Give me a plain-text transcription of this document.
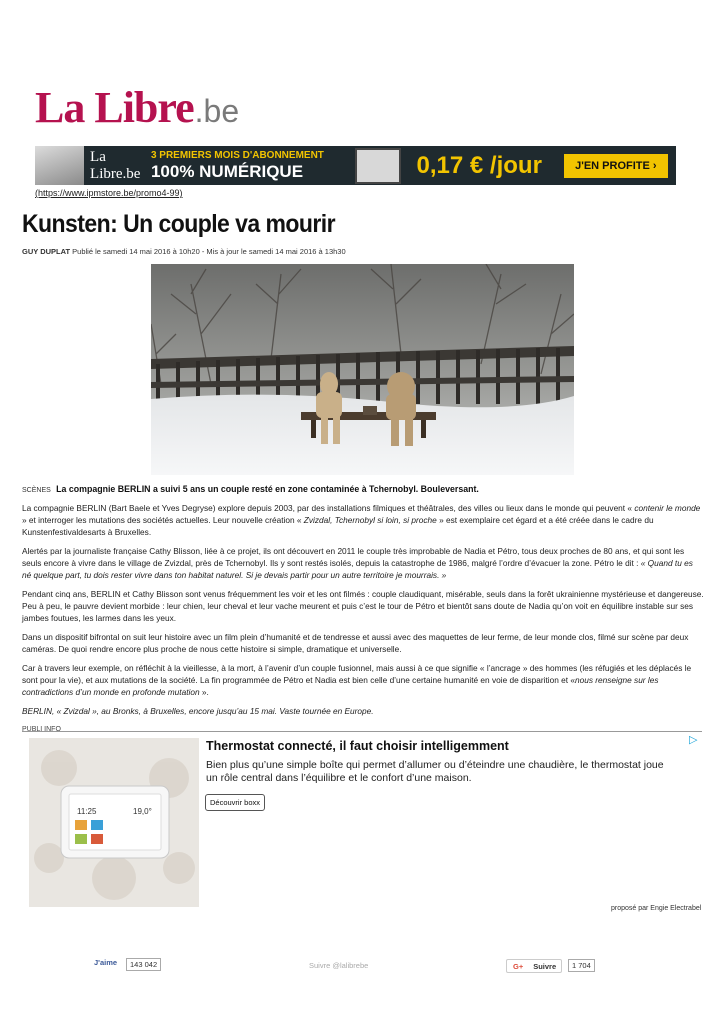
La Libre .be
La Libre.be
3 PREMIERS MOIS D'ABONNEMENT
100% NUMÉRIQUE	0,17 € /jour	J'EN PROFITE ›
(https://www.ipmstore.be/promo4-99)
Kunsten: Un couple va mourir
GUY DUPLAT Publié le samedi 14 mai 2016 à 10h20 - Mis à jour le samedi 14 mai 2016 à 13h30
SCÈNES La compagnie BERLIN a suivi 5 ans un couple resté en zone contaminée à Tchernobyl. Bouleversant.

La compagnie BERLIN (Bart Baele et Yves Degryse) explore depuis 2003, par des installations filmiques et théâtrales, des villes ou lieux dans le monde qui peuvent « contenir le monde » et interroger les mutations des sociétés actuelles. Leur nouvelle création « Zvizdal, Tchernobyl si loin, si proche » est exemplaire cet égard et a été créée dans le cadre du Kunstenfestivaldesarts à Bruxelles.

Alertés par la journaliste française Cathy Blisson, liée à ce projet, ils ont découvert en 2011 le couple très improbable de Nadia et Pétro, tous deux proches de 80 ans, et qui sont les seuls encore à vivre dans le village de Zvizdal, près de Tchernobyl. Ils y sont restés isolés, depuis la catastrophe de 1986, malgré l’ordre d’évacuer la zone. Pétro le dit : « Quand tu es né quelque part, tu dois rester vivre dans ton habitat naturel. Si je devais partir pour un autre territoire je mourrais. »

Pendant cinq ans, BERLIN et Cathy Blisson sont venus fréquemment les voir et les ont filmés : couple claudiquant, misérable, seuls dans la forêt ukrainienne mystérieuse et dangereuse. Peu à peu, le pauvre devient morbide : leur chien, leur cheval et leur vache meurent et puis c’est le tour de Pétro et bientôt sans doute de Nadia qu’on voit en équilibre instable sur ses jambes foutues, les larmes dans les yeux.

Dans un dispositif bifrontal on suit leur histoire avec un film plein d’humanité et de tendresse et aussi avec des maquettes de leur ferme, de leur monde clos, filmé sur scène par deux caméras. De quoi rendre encore plus proche de nous cette histoire si simple, dramatique et universelle.

Car à travers leur exemple, on réfléchit à la vieillesse, à la mort, à l’avenir d’un couple fusionnel, mais aussi à ce que signifie « l’ancrage » des hommes (les réfugiés et les déplacés le sont pour la vie), et aux mutations de la société. La fin programmée de Pétro et Nadia est bien celle d’une certaine humanité en voie de disparition et «nous renseigne sur les contradictions d’un monde en profonde mutation ».

BERLIN, « Zvizdal », au Bronks, à Bruxelles, encore jusqu’au 15 mai. Vaste tournée en Europe.

PUBLI INFO
▷
11:25	19,0°
Thermostat connecté, il faut choisir intelligemment
Bien plus qu’une simple boîte qui permet d’allumer ou d’éteindre une chaudière, le thermostat joue un rôle central dans l’équilibre et le confort d’une maison.
Découvrir boxx
proposé par Engie Electrabel
J'aime	143 042	Suivre @lalibrebe	G+ Suivre	1 704
